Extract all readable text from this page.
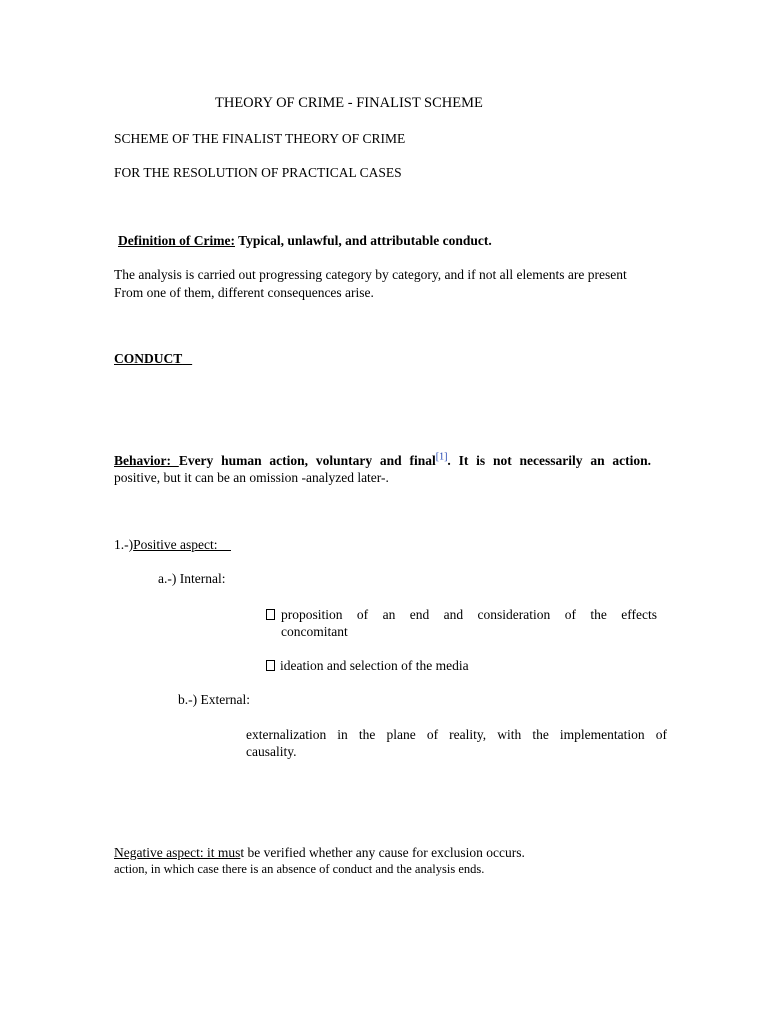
THEORY OF CRIME - FINALIST SCHEME
SCHEME OF THE FINALIST THEORY OF CRIME
FOR THE RESOLUTION OF PRACTICAL CASES
Definition of Crime: Typical, unlawful, and attributable conduct.
The analysis is carried out progressing category by category, and if not all elements are present
From one of them, different consequences arise.
CONDUCT
Behavior: Every human action, voluntary and final[1]. It is not necessarily an action.
positive, but it can be an omission -analyzed later-.
1.-)Positive aspect:
a.-) Internal:
proposition of an end and consideration of the effects
concomitant
ideation and selection of the media
b.-) External:
externalization in the plane of reality, with the implementation of
causality.
Negative aspect: it must be verified whether any cause for exclusion occurs.
action, in which case there is an absence of conduct and the analysis ends.
